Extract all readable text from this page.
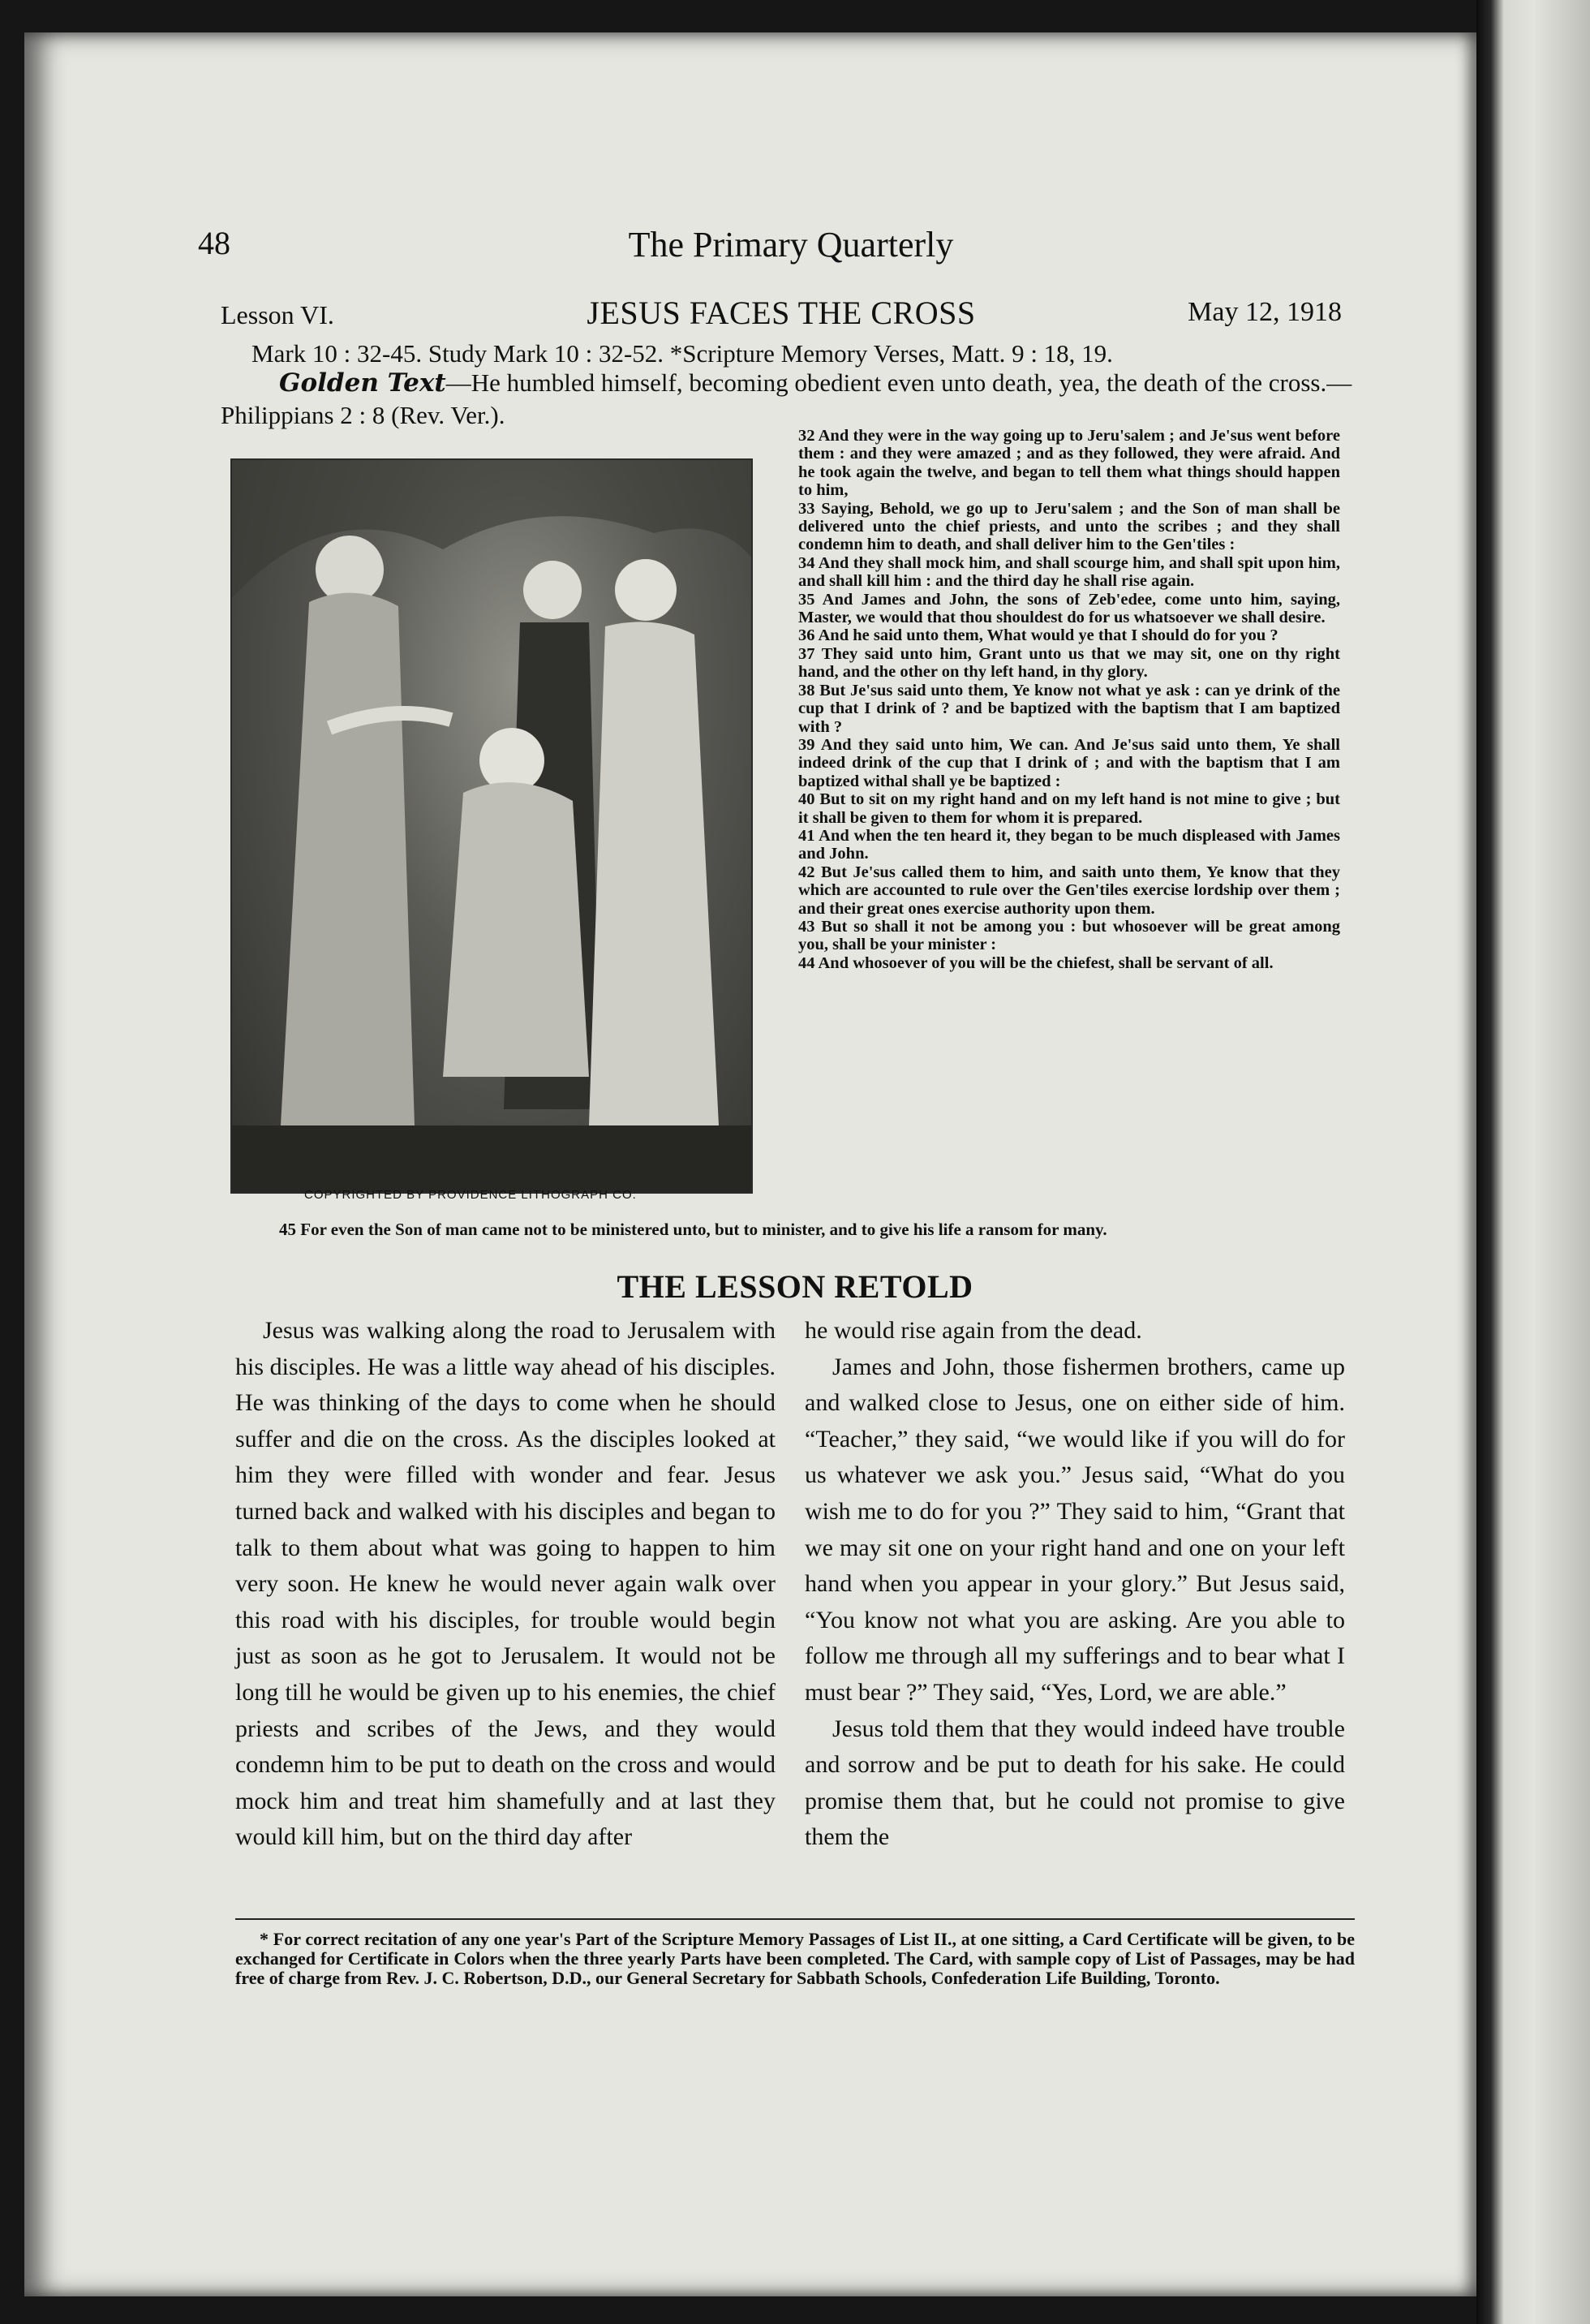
48	The Primary Quarterly
Lesson VI.	JESUS FACES THE CROSS	May 12, 1918
Mark 10 : 32-45. Study Mark 10 : 32-52. *Scripture Memory Verses, Matt. 9 : 18, 19.
Golden Text—He humbled himself, becoming obedient even unto death, yea, the death of the cross.—Philippians 2 : 8 (Rev. Ver.).
COPYRIGHTED BY PROVIDENCE LITHOGRAPH CO.

32 And they were in the way going up to Jeru'salem ; and Je'sus went before them : and they were amazed ; and as they followed, they were afraid. And he took again the twelve, and began to tell them what things should happen to him,

33 Saying, Behold, we go up to Jeru'salem ; and the Son of man shall be delivered unto the chief priests, and unto the scribes ; and they shall condemn him to death, and shall deliver him to the Gen'tiles :

34 And they shall mock him, and shall scourge him, and shall spit upon him, and shall kill him : and the third day he shall rise again.

35 And James and John, the sons of Zeb'edee, come unto him, saying, Master, we would that thou shouldest do for us whatsoever we shall desire.

36 And he said unto them, What would ye that I should do for you ?

37 They said unto him, Grant unto us that we may sit, one on thy right hand, and the other on thy left hand, in thy glory.

38 But Je'sus said unto them, Ye know not what ye ask : can ye drink of the cup that I drink of ? and be baptized with the baptism that I am baptized with ?

39 And they said unto him, We can. And Je'sus said unto them, Ye shall indeed drink of the cup that I drink of ; and with the baptism that I am baptized withal shall ye be baptized :

40 But to sit on my right hand and on my left hand is not mine to give ; but it shall be given to them for whom it is prepared.

41 And when the ten heard it, they began to be much displeased with James and John.

42 But Je'sus called them to him, and saith unto them, Ye know that they which are accounted to rule over the Gen'tiles exercise lordship over them ; and their great ones exercise authority upon them.

43 But so shall it not be among you : but whosoever will be great among you, shall be your minister :

44 And whosoever of you will be the chiefest, shall be servant of all.

45 For even the Son of man came not to be ministered unto, but to minister, and to give his life a ransom for many.
THE LESSON RETOLD

Jesus was walking along the road to Jerusalem with his disciples. He was a little way ahead of his disciples. He was thinking of the days to come when he should suffer and die on the cross. As the disciples looked at him they were filled with wonder and fear. Jesus turned back and walked with his disciples and began to talk to them about what was going to happen to him very soon. He knew he would never again walk over this road with his disciples, for trouble would begin just as soon as he got to Jerusalem. It would not be long till he would be given up to his enemies, the chief priests and scribes of the Jews, and they would condemn him to be put to death on the cross and would mock him and treat him shamefully and at last they would kill him, but on the third day after

he would rise again from the dead.

James and John, those fishermen brothers, came up and walked close to Jesus, one on either side of him. “Teacher,” they said, “we would like if you will do for us whatever we ask you.” Jesus said, “What do you wish me to do for you ?” They said to him, “Grant that we may sit one on your right hand and one on your left hand when you appear in your glory.” But Jesus said, “You know not what you are asking. Are you able to follow me through all my sufferings and to bear what I must bear ?” They said, “Yes, Lord, we are able.”

Jesus told them that they would indeed have trouble and sorrow and be put to death for his sake. He could promise them that, but he could not promise to give them the

* For correct recitation of any one year's Part of the Scripture Memory Passages of List II., at one sitting, a Card Certificate will be given, to be exchanged for Certificate in Colors when the three yearly Parts have been completed. The Card, with sample copy of List of Passages, may be had free of charge from Rev. J. C. Robertson, D.D., our General Secretary for Sabbath Schools, Confederation Life Building, Toronto.
